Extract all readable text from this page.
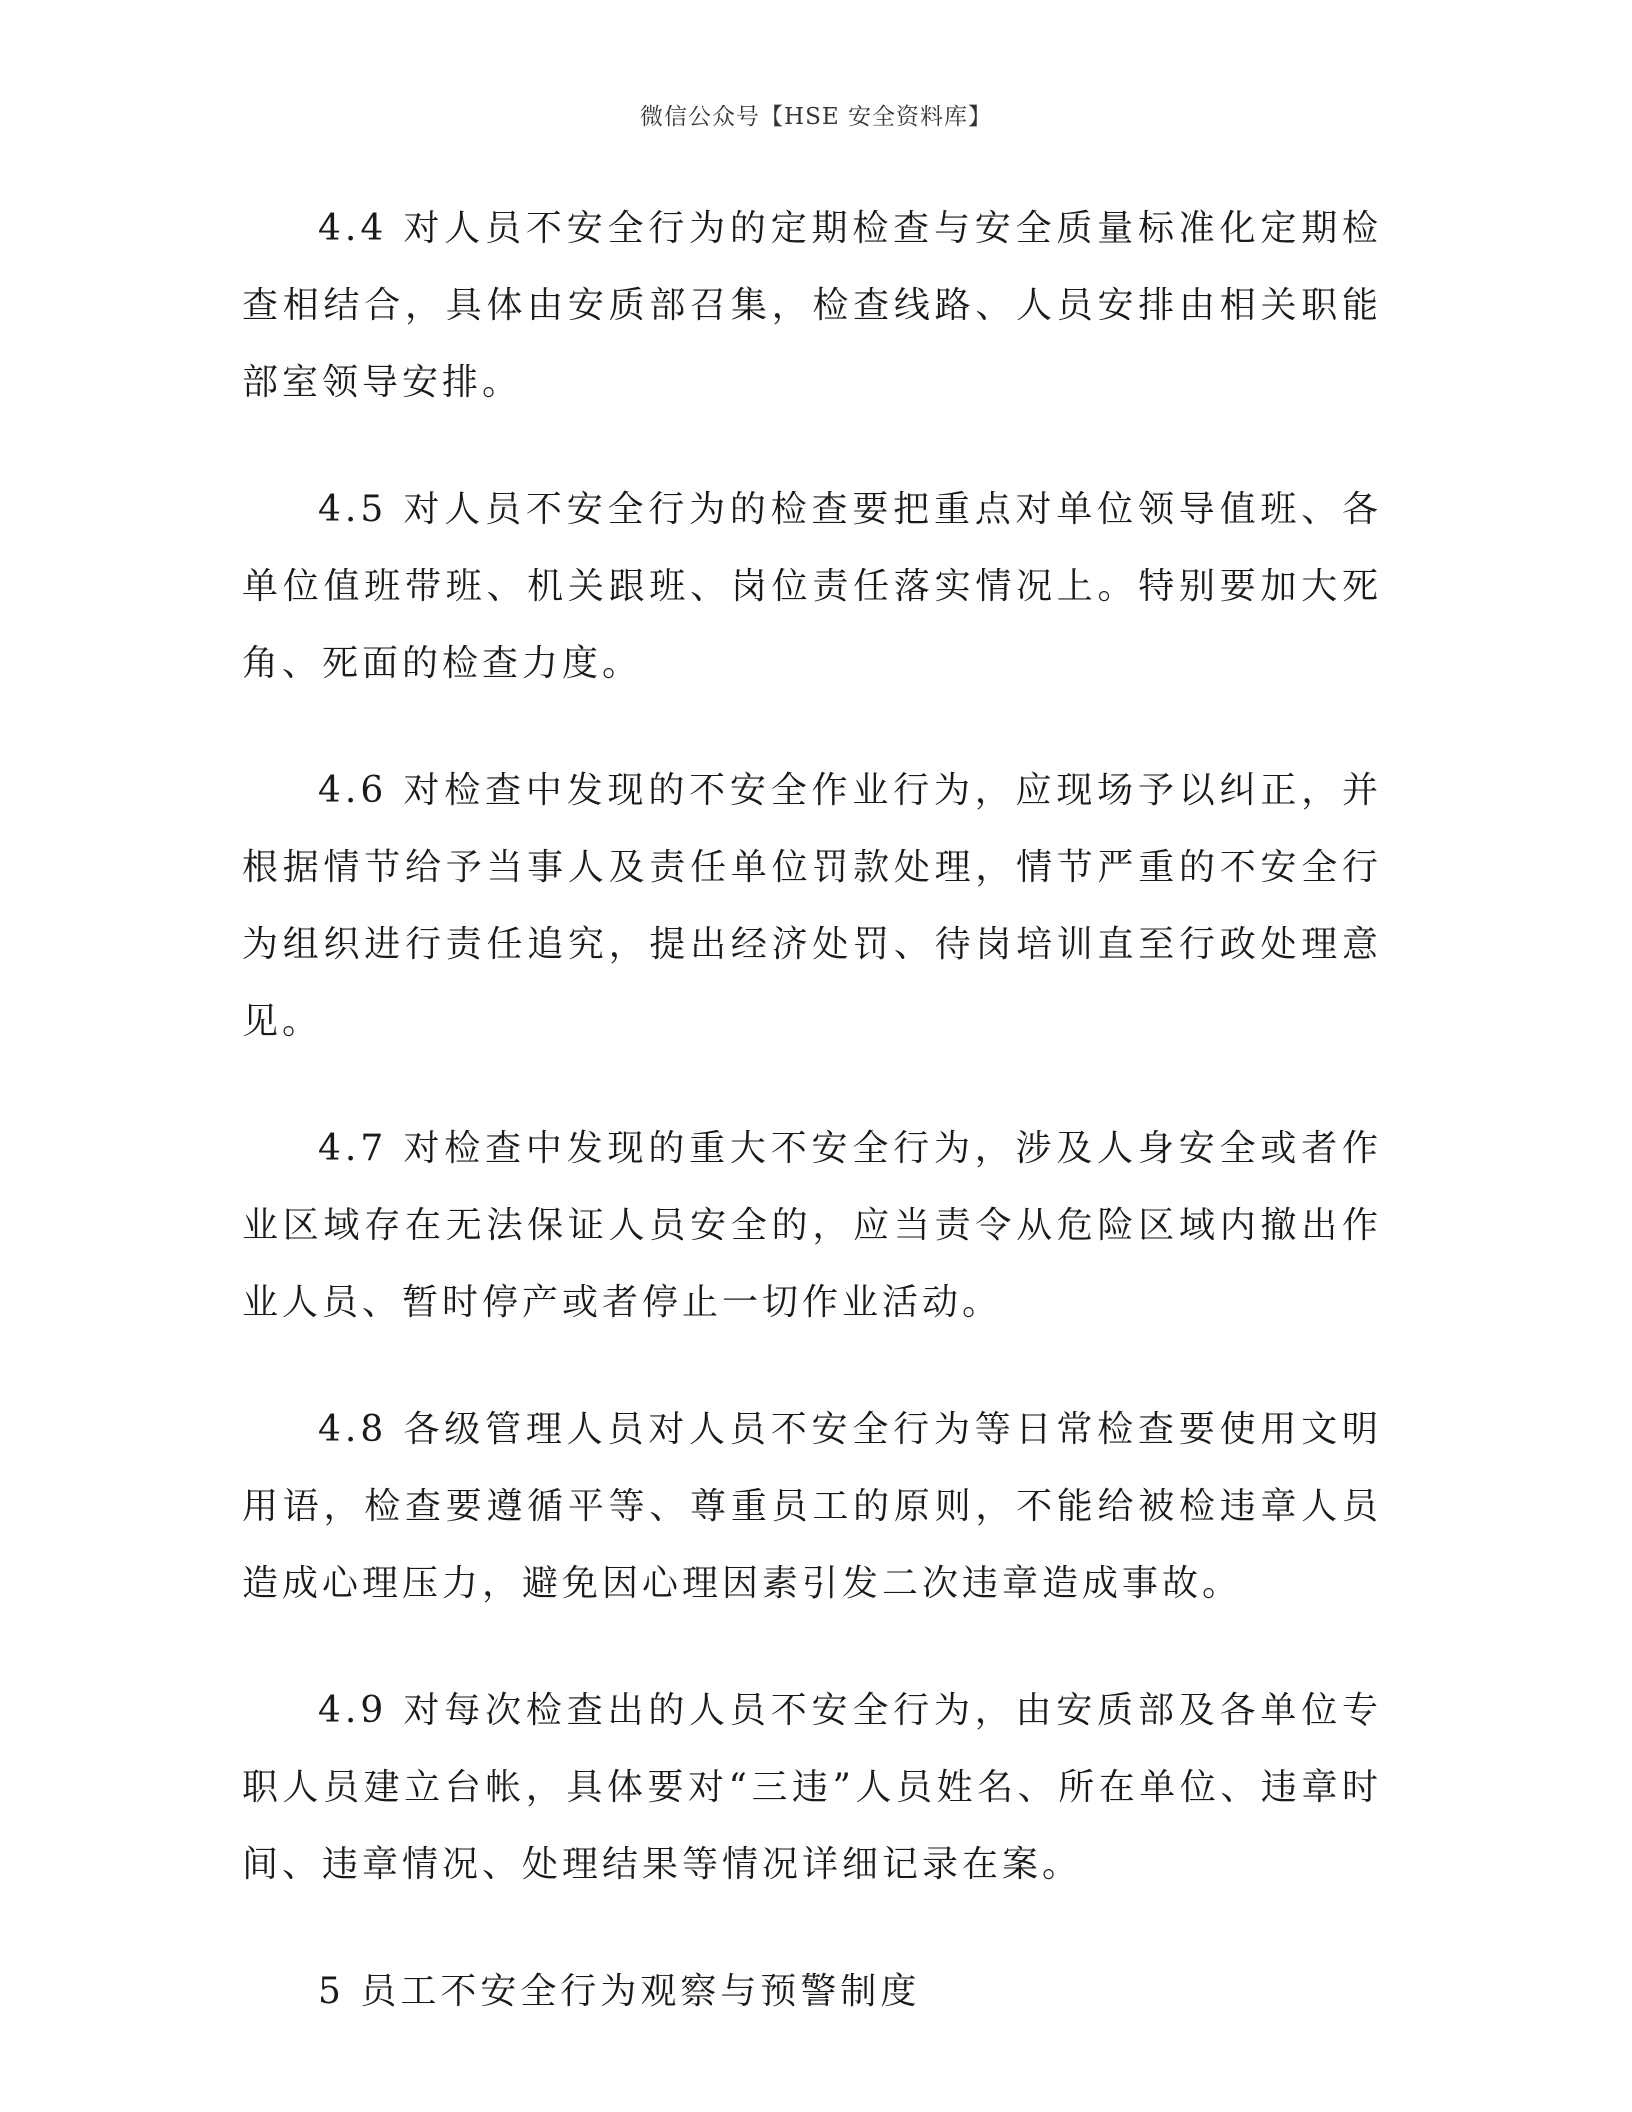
微信公众号【HSE 安全资料库】

4.4 对人员不安全行为的定期检查与安全质量标准化定期检查相结合，具体由安质部召集，检查线路、人员安排由相关职能部室领导安排。

4.5 对人员不安全行为的检查要把重点对单位领导值班、各单位值班带班、机关跟班、岗位责任落实情况上。特别要加大死角、死面的检查力度。

4.6 对检查中发现的不安全作业行为，应现场予以纠正，并根据情节给予当事人及责任单位罚款处理，情节严重的不安全行为组织进行责任追究，提出经济处罚、待岗培训直至行政处理意见。

4.7 对检查中发现的重大不安全行为，涉及人身安全或者作业区域存在无法保证人员安全的，应当责令从危险区域内撤出作业人员、暂时停产或者停止一切作业活动。

4.8 各级管理人员对人员不安全行为等日常检查要使用文明用语，检查要遵循平等、尊重员工的原则，不能给被检违章人员造成心理压力，避免因心理因素引发二次违章造成事故。

4.9 对每次检查出的人员不安全行为，由安质部及各单位专职人员建立台帐，具体要对“三违”人员姓名、所在单位、违章时间、违章情况、处理结果等情况详细记录在案。

5 员工不安全行为观察与预警制度
